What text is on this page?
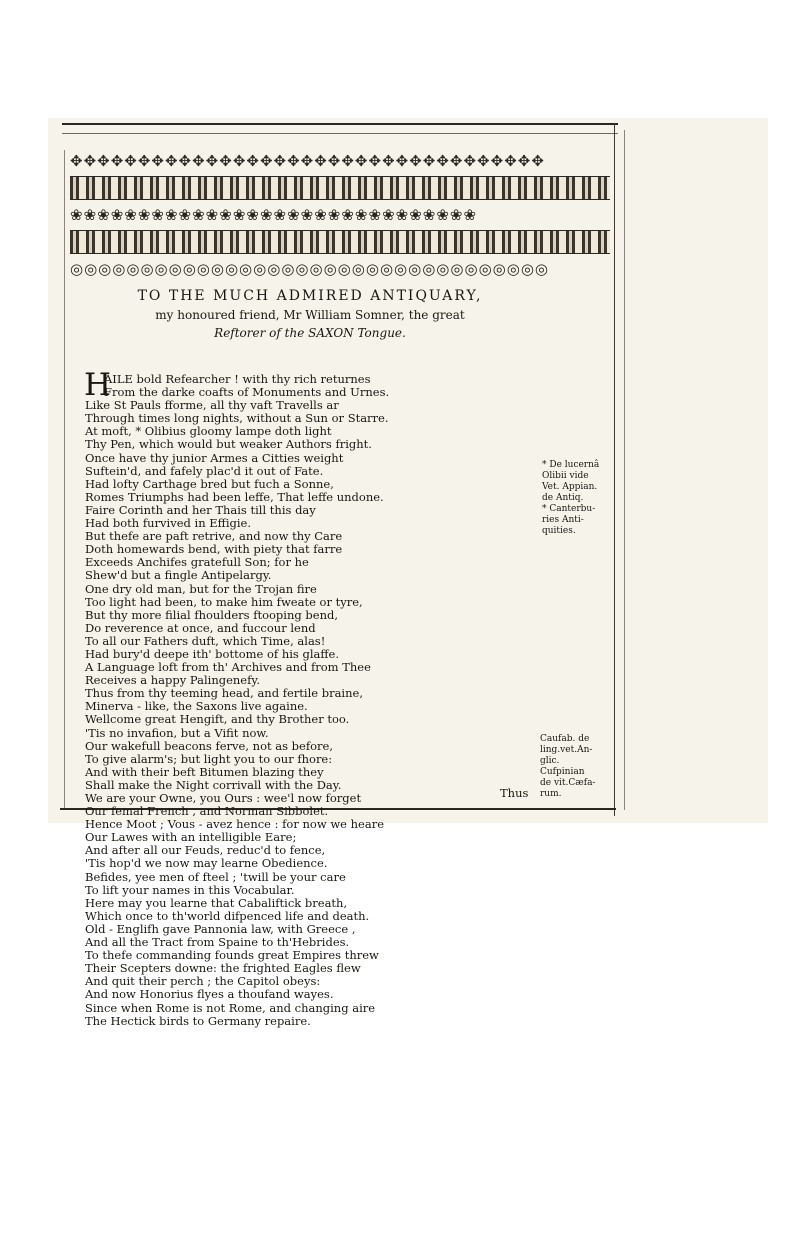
✥✥✥✥✥✥✥✥✥✥✥✥✥✥✥✥✥✥✥✥✥✥✥✥✥✥✥✥✥✥✥✥✥✥✥
❀❀❀❀❀❀❀❀❀❀❀❀❀❀❀❀❀❀❀❀❀❀❀❀❀❀❀❀❀❀
◎◎◎◎◎◎◎◎◎◎◎◎◎◎◎◎◎◎◎◎◎◎◎◎◎◎◎◎◎◎◎◎◎◎

TO THE MUCH ADMIRED ANTIQUARY,

my honoured friend, Mr William Somner, the great

Reftorer of the SAXON Tongue.

H
AILE bold Refearcher ! with thy rich returnes
From the darke coafts of Monuments and Urnes.
Like St Pauls fforme, all thy vaft Travells ar
Through times long nights, without a Sun or Starre.
At moft, * Olibius gloomy lampe doth light
Thy Pen, which would but weaker Authors fright.
Once have thy junior Armes a Citties weight
Suftein'd, and fafely plac'd it out of Fate.
Had lofty Carthage bred but fuch a Sonne,
Romes Triumphs had been leffe, That leffe undone.
Faire Corinth and her Thais till this day
Had both furvived in Effigie.
But thefe are paft retrive, and now thy Care
Doth homewards bend, with piety that farre
Exceeds Anchifes gratefull Son; for he
Shew'd but a fingle Antipelargy.
One dry old man, but for the Trojan fire
Too light had been, to make him fweate or tyre,
But thy more filial fhoulders ftooping bend,
Do reverence at once, and fuccour lend
To all our Fathers duft, which Time, alas!
Had bury'd deepe ith' bottome of his glaffe.
A Language loft from th' Archives and from Thee
Receives a happy Palingenefy.
Thus from thy teeming head, and fertile braine,
Minerva - like, the Saxons live againe.
Wellcome great Hengift, and thy Brother too.
'Tis no invafion, but a Vifit now.
Our wakefull beacons ferve, not as before,
To give alarm's; but light you to our fhore:
And with their beft Bitumen blazing they
Shall make the Night corrivall with the Day.
We are your Owne, you Ours : wee'l now forget
Our femal French , and Norman Sibbolet.
Hence Moot ; Vous - avez hence : for now we heare
Our Lawes with an intelligible Eare;
And after all our Feuds, reduc'd to fence,
'Tis hop'd we now may learne Obedience.
Befides, yee men of fteel ; 'twill be your care
To lift your names in this Vocabular.
Here may you learne that Cabaliftick breath,
Which once to th'world difpenced life and death.
Old - Englifh gave Pannonia law, with Greece ,
And all the Tract from Spaine to th'Hebrides.
To thefe commanding founds great Empires threw
Their Scepters downe: the frighted Eagles flew
And quit their perch ; the Capitol obeys:
And now Honorius flyes a thoufand wayes.
Since when Rome is not Rome, and changing aire
The Hectick birds to Germany repaire.
* De lucernâ
Olibii vide
Vet. Appian.
de Antiq.
* Canterbu-
ries Anti-
quities.
Caufab. de
ling.vet.An-
glic.
Cufpinian
de vit.Cæfa-
rum.
Thus
